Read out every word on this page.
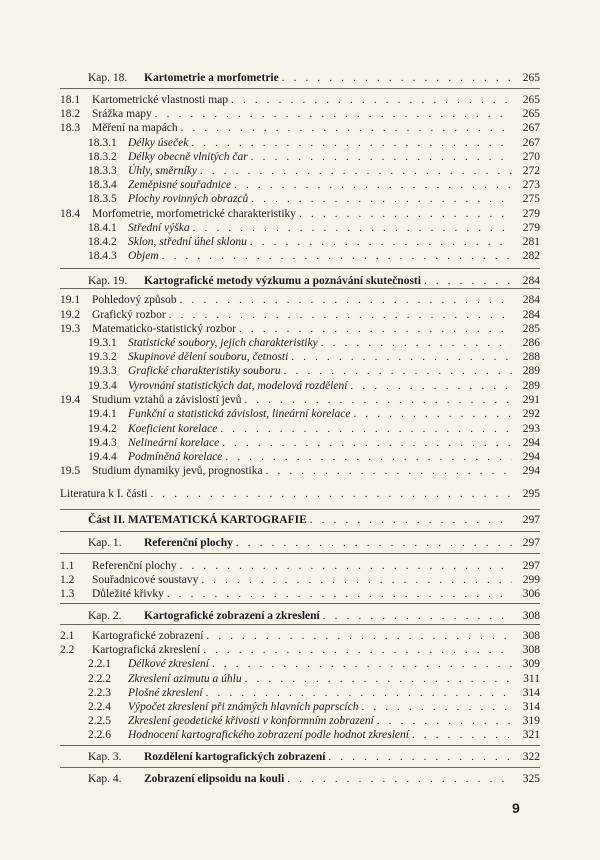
Kap. 18.	Kartometrie a morfometrie . . .	265
18.1	Kartometrické vlastnosti map . . .	265
18.2	Srážka mapy . . .	265
18.3	Měření na mapách . . .	267
18.3.1 Délky úseček . . .	267
18.3.2 Délky obecně vlnitých čar . . .	270
18.3.3 Úhly, směrníky . . .	272
18.3.4 Zeměpisné souřadnice . . .	273
18.3.5 Plochy rovinných obrazců . . .	275
18.4	Morfometrie, morfometrické charakteristiky . . .	279
18.4.1 Střední výška . . .	279
18.4.2 Sklon, střední úhel sklonu . . .	281
18.4.3 Objem . . .	282
Kap. 19.	Kartografické metody výzkumu a poznávání skutečnosti . . .	284
19.1	Pohledový způsob . . .	284
19.2	Grafický rozbor . . .	284
19.3	Matematicko-statistický rozbor . . .	285
19.3.1 Statistické soubory, jejich charakteristiky . . .	286
19.3.2 Skupinové dělení souboru, četnosti . . .	288
19.3.3 Grafické charakteristiky souboru . . .	289
19.3.4 Vyrovnání statistických dat, modelová rozdělení . . .	289
19.4	Studium vztahů a závislostí jevů . . .	291
19.4.1 Funkční a statistická závislost, lineární korelace . . .	292
19.4.2 Koeficient korelace . . .	293
19.4.3 Nelineární korelace . . .	294
19.4.4 Podmíněná korelace . . .	294
19.5	Studium dynamiky jevů, prognostika . . .	294
Literatura k I. části . . .	295
Část II. MATEMATICKÁ KARTOGRAFIE . . .	297
Kap. 1.	Referenční plochy . . .	297
1.1	Referenční plochy . . .	297
1.2	Souřadnicové soustavy . . .	299
1.3	Důležité křivky . . .	306
Kap. 2.	Kartografické zobrazení a zkreslení . . .	308
2.1	Kartografické zobrazení . . .	308
2.2	Kartografická zkreslení . . .	308
2.2.1	Délkové zkreslení . . .	309
2.2.2	Zkreslení azimutu a úhlu . . .	311
2.2.3	Plošné zkreslení . . .	314
2.2.4	Výpočet zkreslení při známých hlavních paprscích . . .	314
2.2.5	Zkreslení geodetické křivosti v konformním zobrazení . . .	319
2.2.6	Hodnocení kartografického zobrazení podle hodnot zkreslení . . .	321
Kap. 3.	Rozdělení kartografických zobrazení . . .	322
Kap. 4.	Zobrazení elipsoidu na kouli . . .	325
9
